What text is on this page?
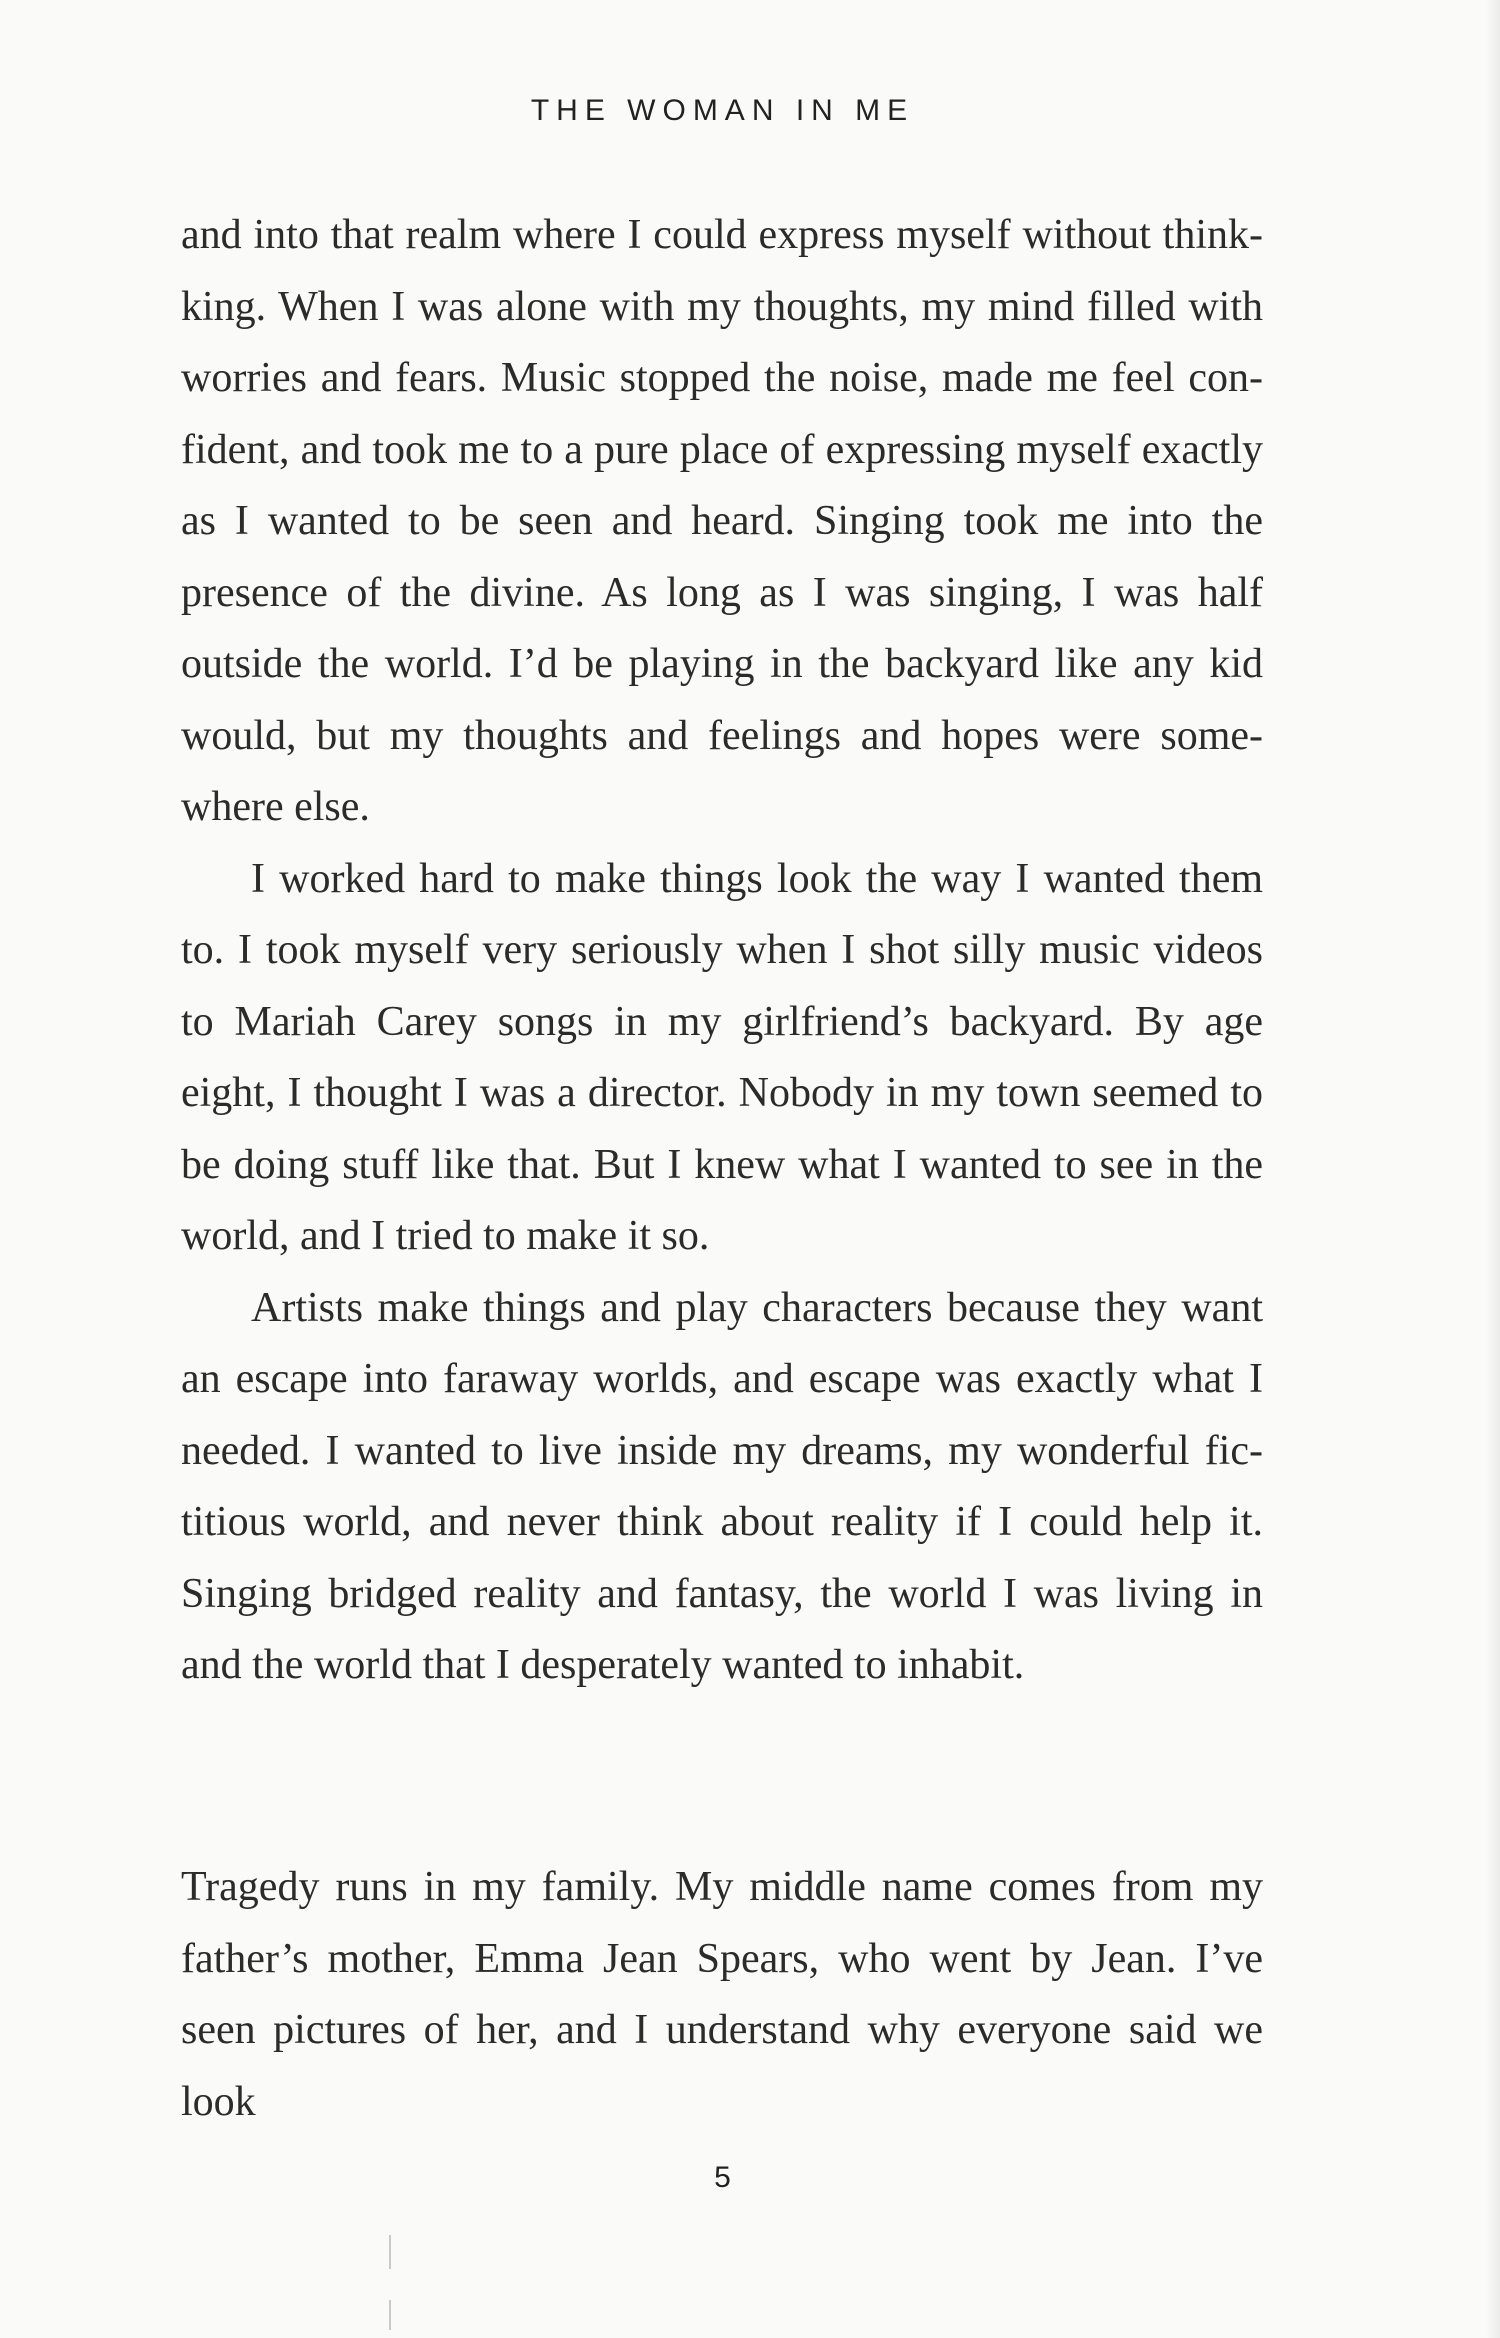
THE WOMAN IN ME

and into that realm where I could express myself without thinkking. When I was alone with my thoughts, my mind filled with worries and fears. Music stopped the noise, made me feel confident, and took me to a pure place of expressing myself exactly as I wanted to be seen and heard. Singing took me into the presence of the divine. As long as I was singing, I was half outside the world. I’d be playing in the backyard like any kid would, but my thoughts and feelings and hopes were somewhere else.

I worked hard to make things look the way I wanted them to. I took myself very seriously when I shot silly music videos to Mariah Carey songs in my girlfriend’s backyard. By age eight, I thought I was a director. Nobody in my town seemed to be doing stuff like that. But I knew what I wanted to see in the world, and I tried to make it so.

Artists make things and play characters because they want an escape into faraway worlds, and escape was exactly what I needed. I wanted to live inside my dreams, my wonderful fictitious world, and never think about reality if I could help it. Singing bridged reality and fantasy, the world I was living in and the world that I desperately wanted to inhabit.

Tragedy runs in my family. My middle name comes from my father’s mother, Emma Jean Spears, who went by Jean. I’ve seen pictures of her, and I understand why everyone said we look

5
